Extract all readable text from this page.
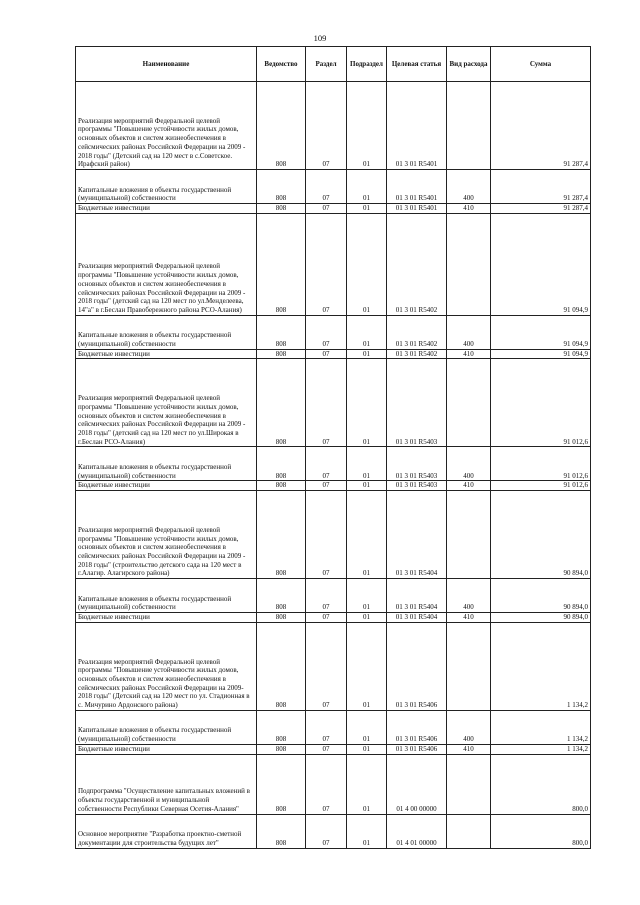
109
Наименование	Ведомство	Раздел	Подраздел	Целевая статья	Вид расхода	Сумма
Реализация мероприятий Федеральной целевой программы "Повышение устойчивости жилых домов, основных объектов и систем жизнеобеспечения в сейсмических районах Российской Федерации на 2009 - 2018 годы" (Детский сад на 120 мест в с.Советское. Ирафский район)	808	07	01	01 3 01 R5401		91 287,4
Капитальные вложения в объекты государственной (муниципальной) собственности	808	07	01	01 3 01 R5401	400	91 287,4
Бюджетные инвестиции	808	07	01	01 3 01 R5401	410	91 287,4
Реализация мероприятий Федеральной целевой программы "Повышение устойчивости жилых домов, основных объектов и систем жизнеобеспечения в сейсмических районах Российской Федерации на 2009 - 2018 годы" (детский сад на 120 мест по ул.Менделеева, 14"а" в г.Беслан Правобережного района РСО-Алания)	808	07	01	01 3 01 R5402		91 094,9
Капитальные вложения в объекты государственной (муниципальной) собственности	808	07	01	01 3 01 R5402	400	91 094,9
Бюджетные инвестиции	808	07	01	01 3 01 R5402	410	91 094,9
Реализация мероприятий Федеральной целевой программы "Повышение устойчивости жилых домов, основных объектов и систем жизнеобеспечения в сейсмических районах Российской Федерации на 2009 - 2018 годы" (детский сад на 120 мест по ул.Широкая в г.Беслан РСО-Алания)	808	07	01	01 3 01 R5403		91 012,6
Капитальные вложения в объекты государственной (муниципальной) собственности	808	07	01	01 3 01 R5403	400	91 012,6
Бюджетные инвестиции	808	07	01	01 3 01 R5403	410	91 012,6
Реализация мероприятий Федеральной целевой программы "Повышение устойчивости жилых домов, основных объектов и систем жизнеобеспечения в сейсмических районах Российской Федерации на 2009 - 2018 годы" (строительство детского сада на 120 мест в г.Алагир. Алагирского района)	808	07	01	01 3 01 R5404		90 894,0
Капитальные вложения в объекты государственной (муниципальной) собственности	808	07	01	01 3 01 R5404	400	90 894,0
Бюджетные инвестиции	808	07	01	01 3 01 R5404	410	90 894,0
Реализация мероприятий Федеральной целевой программы "Повышение устойчивости жилых домов, основных объектов и систем жизнеобеспечения в сейсмических районах Российской Федерации на 2009-2018 годы" (Детский сад на 120 мест по ул. Стадионная в с. Мичурино Ардонского района)	808	07	01	01 3 01 R5406		1 134,2
Капитальные вложения в объекты государственной (муниципальной) собственности	808	07	01	01 3 01 R5406	400	1 134,2
Бюджетные инвестиции	808	07	01	01 3 01 R5406	410	1 134,2
Подпрограмма "Осуществление капитальных вложений в объекты государственной и муниципальной собственности Республики Северная Осетия-Алания"	808	07	01	01 4 00 00000		800,0
Основное мероприятие "Разработка проектно-сметной документации для строительства будущих лет"	808	07	01	01 4 01 00000		800,0
